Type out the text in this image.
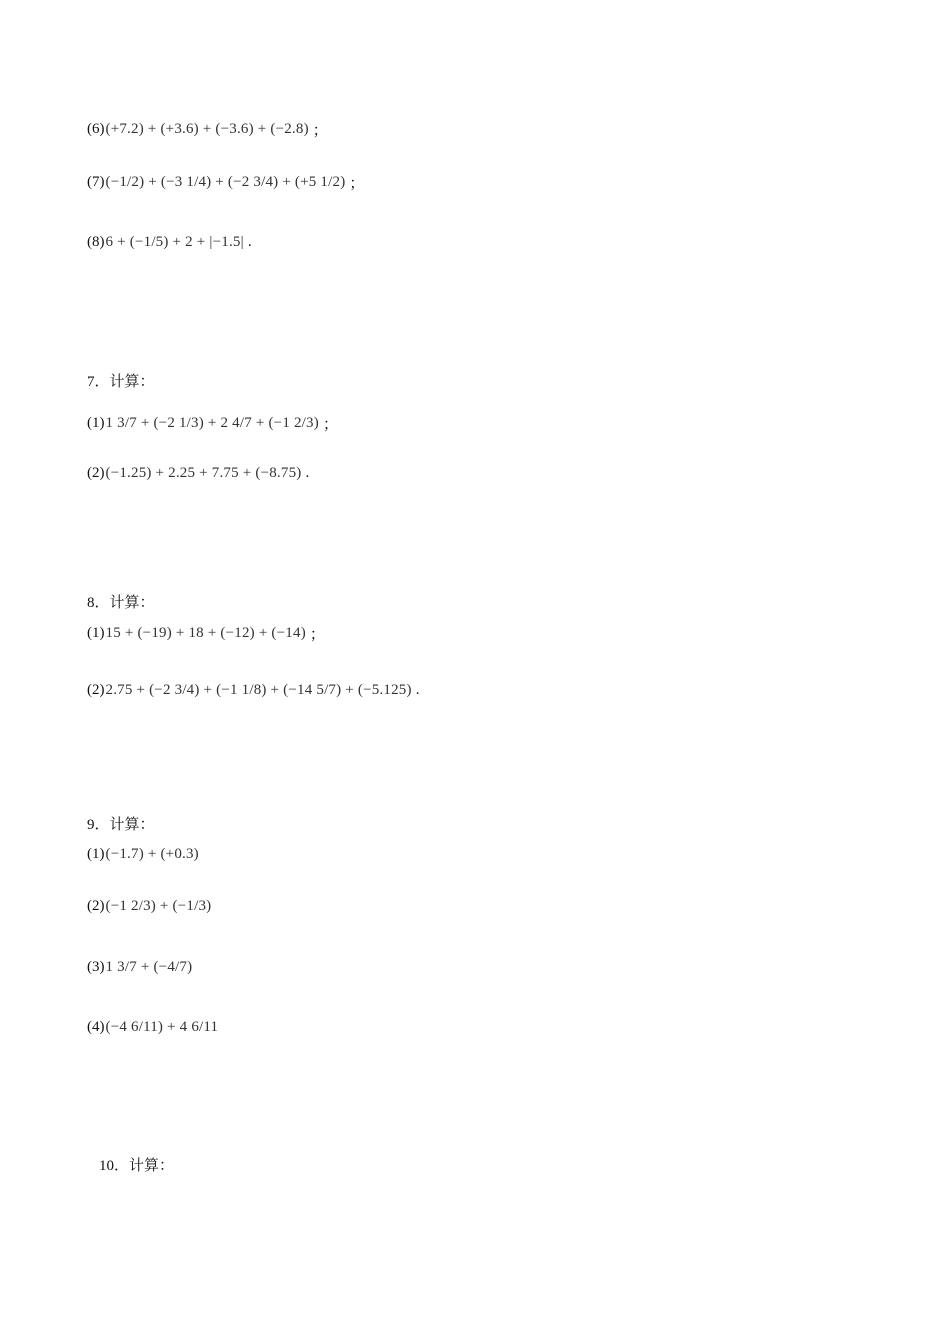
(6) (+7.2) + (+3.6) + (−3.6) + (−2.8) ；
(7) (−1/2) + (−3 1/4) + (−2 3/4) + (+5 1/2) ；
(8) 6 + (−1/5) + 2 + |−1.5| .
7．计算：
(1) 1 3/7 + (−2 1/3) + 2 4/7 + (−1 2/3) ；
(2) (−1.25) + 2.25 + 7.75 + (−8.75) .
8．计算：
(1) 15 + (−19) + 18 + (−12) + (−14) ；
(2) 2.75 + (−2 3/4) + (−1 1/8) + (−14 5/7) + (−5.125) .
9．计算：
(1) (−1.7) + (+0.3)
(2) (−1 2/3) + (−1/3)
(3) 1 3/7 + (−4/7)
(4) (−4 6/11) + 4 6/11
10．计算：
